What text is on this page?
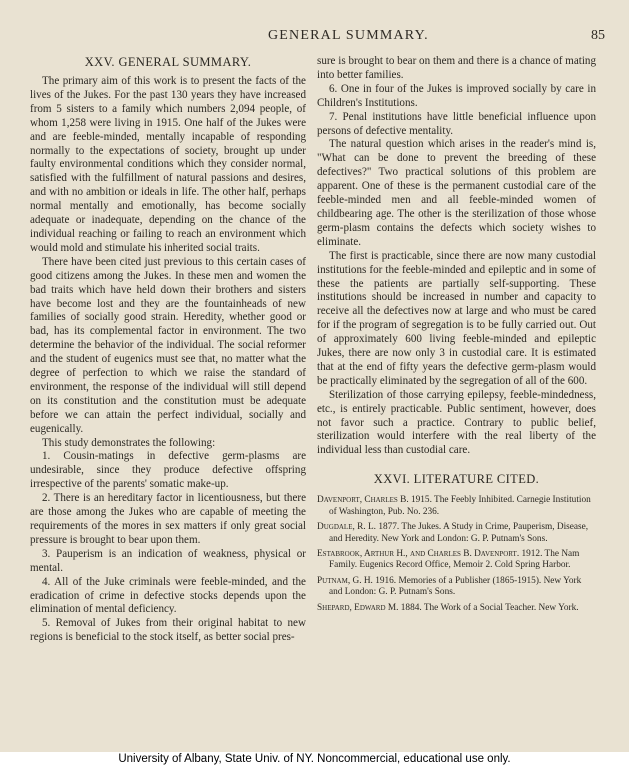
GENERAL SUMMARY.	85
XXV. GENERAL SUMMARY.

The primary aim of this work is to present the facts of the lives of the Jukes. For the past 130 years they have increased from 5 sisters to a family which numbers 2,094 people, of whom 1,258 were living in 1915. One half of the Jukes were and are feeble-minded, mentally incapable of responding normally to the expectations of society, brought up under faulty environmental conditions which they consider normal, satisfied with the fulfillment of natural passions and desires, and with no ambition or ideals in life. The other half, perhaps normal mentally and emotionally, has become socially adequate or inadequate, depending on the chance of the individual reaching or failing to reach an environment which would mold and stimulate his inherited social traits.

There have been cited just previous to this certain cases of good citizens among the Jukes. In these men and women the bad traits which have held down their brothers and sisters have become lost and they are the fountainheads of new families of socially good strain. Heredity, whether good or bad, has its complemental factor in environment. The two determine the behavior of the individual. The social reformer and the student of eugenics must see that, no matter what the degree of perfection to which we raise the standard of environment, the response of the individual will still depend on its constitution and the constitution must be adequate before we can attain the perfect individual, socially and eugenically.

This study demonstrates the following:

1. Cousin-matings in defective germ-plasms are undesirable, since they produce defective offspring irrespective of the parents' somatic make-up.

2. There is an hereditary factor in licentiousness, but there are those among the Jukes who are capable of meeting the requirements of the mores in sex matters if only great social pressure is brought to bear upon them.

3. Pauperism is an indication of weakness, physical or mental.

4. All of the Juke criminals were feeble-minded, and the eradication of crime in defective stocks depends upon the elimination of mental deficiency.

5. Removal of Jukes from their original habitat to new regions is beneficial to the stock itself, as better social pres-

sure is brought to bear on them and there is a chance of mating into better families.

6. One in four of the Jukes is improved socially by care in Children's Institutions.

7. Penal institutions have little beneficial influence upon persons of defective mentality.

The natural question which arises in the reader's mind is, "What can be done to prevent the breeding of these defectives?" Two practical solutions of this problem are apparent. One of these is the permanent custodial care of the feeble-minded men and all feeble-minded women of childbearing age. The other is the sterilization of those whose germ-plasm contains the defects which society wishes to eliminate.

The first is practicable, since there are now many custodial institutions for the feeble-minded and epileptic and in some of these the patients are partially self-supporting. These institutions should be increased in number and capacity to receive all the defectives now at large and who must be cared for if the program of segregation is to be fully carried out. Out of approximately 600 living feeble-minded and epileptic Jukes, there are now only 3 in custodial care. It is estimated that at the end of fifty years the defective germ-plasm would be practically eliminated by the segregation of all of the 600.

Sterilization of those carrying epilepsy, feeble-mindedness, etc., is entirely practicable. Public sentiment, however, does not favor such a practice. Contrary to public belief, sterilization would interfere with the real liberty of the individual less than custodial care.

XXVI. LITERATURE CITED.
Davenport, Charles B. 1915. The Feebly Inhibited. Carnegie Institution of Washington, Pub. No. 236.
Dugdale, R. L. 1877. The Jukes. A Study in Crime, Pauperism, Disease, and Heredity. New York and London: G. P. Putnam's Sons.
Estabrook, Arthur H., and Charles B. Davenport. 1912. The Nam Family. Eugenics Record Office, Memoir 2. Cold Spring Harbor.
Putnam, G. H. 1916. Memories of a Publisher (1865-1915). New York and London: G. P. Putnam's Sons.
Shepard, Edward M. 1884. The Work of a Social Teacher. New York.
University of Albany, State Univ. of NY. Noncommercial, educational use only.
